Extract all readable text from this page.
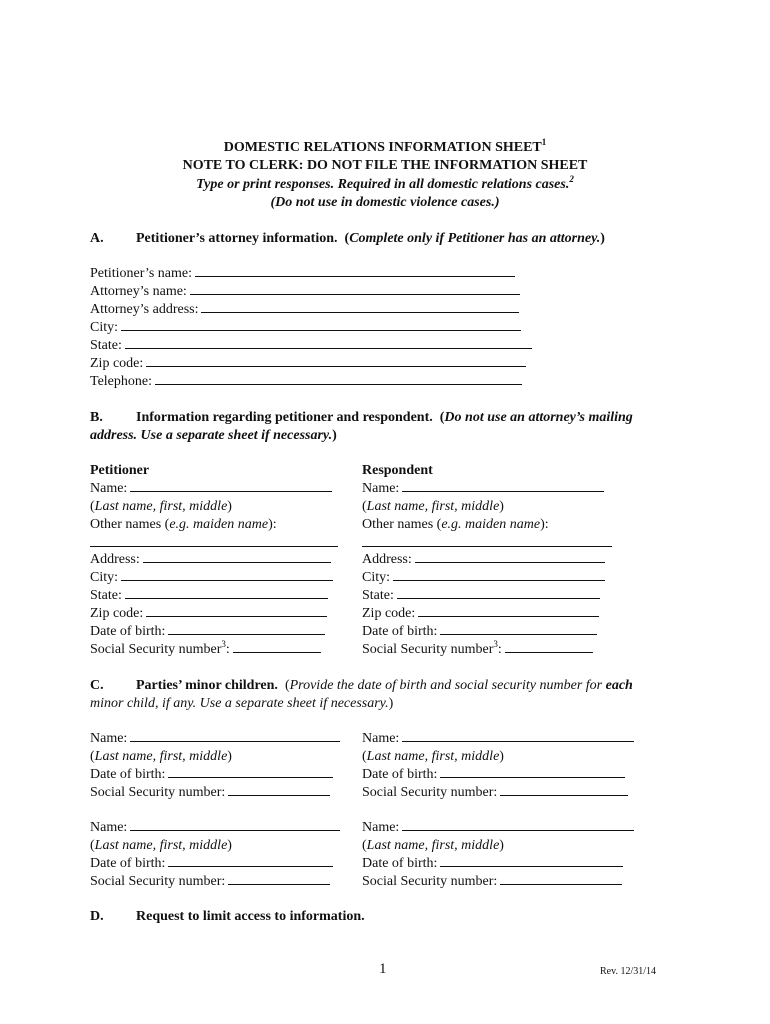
DOMESTIC RELATIONS INFORMATION SHEET$^1$
NOTE TO CLERK: DO NOT FILE THE INFORMATION SHEET
Type or print responses. Required in all domestic relations cases.$^2$
(Do not use in domestic violence cases.)
A. Petitioner’s attorney information. (Complete only if Petitioner has an attorney.)
Petitioner’s name:
Attorney’s name:
Attorney’s address:
City:
State:
Zip code:
Telephone:
B. Information regarding petitioner and respondent. (Do not use an attorney’s mailing
address. Use a separate sheet if necessary.)
Petitioner
Name:
(Last name, first, middle)
Other names (e.g. maiden name):
Address:
City:
State:
Zip code:
Date of birth:
Social Security number$^3$:
Respondent
Name:
(Last name, first, middle)
Other names (e.g. maiden name):
Address:
City:
State:
Zip code:
Date of birth:
Social Security number$^3$:
C. Parties’ minor children.  (Provide the date of birth and social security number for each
minor child, if any. Use a separate sheet if necessary.)
Name:
(Last name, first, middle)
Date of birth:
Social Security number:
Name:
(Last name, first, middle)
Date of birth:
Social Security number:
Name:
(Last name, first, middle)
Date of birth:
Social Security number:
Name:
(Last name, first, middle)
Date of birth:
Social Security number:
D. Request to limit access to information.
1	Rev. 12/31/14
